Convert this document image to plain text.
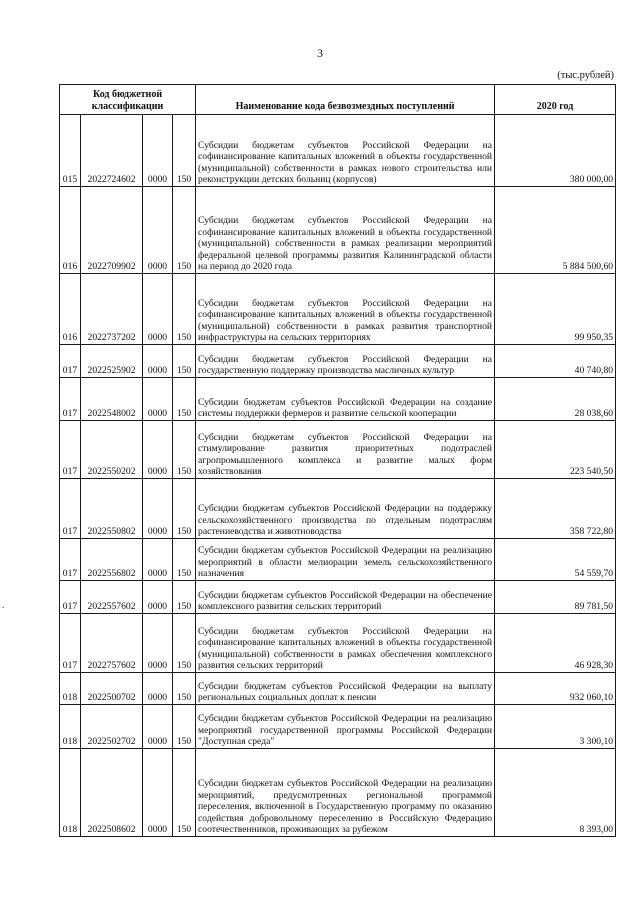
3
(тыс.рублей)
Код бюджетной классификации				Наименование кода безвозмездных поступлений	2020 год
015	2022724602	0000	150	Субсидии бюджетам субъектов Российской Федерации на софинансирование капитальных вложений в объекты государственной (муниципальной) собственности в рамках нового строительства или реконструкции детских больниц (корпусов)	380 000,00
016	2022709902	0000	150	Субсидии бюджетам субъектов Российской Федерации на софинансирование капитальных вложений в объекты государственной (муниципальной) собственности в рамках реализации мероприятий федеральной целевой программы развития Калининградской области на период до 2020 года	5 884 500,60
016	2022737202	0000	150	Субсидии бюджетам субъектов Российской Федерации на софинансирование капитальных вложений в объекты государственной (муниципальной) собственности в рамках развития транспортной инфраструктуры на сельских территориях	99 950,35
017	2022525902	0000	150	Субсидии бюджетам субъектов Российской Федерации на государственную поддержку производства масличных культур	40 740,80
017	2022548002	0000	150	Субсидии бюджетам субъектов Российской Федерации на создание системы поддержки фермеров и развитие сельской кооперации	28 038,60
017	2022550202	0000	150	Субсидии бюджетам субъектов Российской Федерации на стимулирование развития приоритетных подотраслей агропромышленного комплекса и развитие малых форм хозяйствования	223 540,50
017	2022550802	0000	150	Субсидии бюджетам субъектов Российской Федерации на поддержку сельскохозяйственного производства по отдельным подотраслям растениеводства и животноводства	358 722,80
017	2022556802	0000	150	Субсидии бюджетам субъектов Российской Федерации на реализацию мероприятий в области мелиорации земель сельскохозяйственного назначения	54 559,70
017	2022557602	0000	150	Субсидии бюджетам субъектов Российской Федерации на обеспечение комплексного развития сельских территорий	89 781,50
017	2022757602	0000	150	Субсидии бюджетам субъектов Российской Федерации на софинансирование капитальных вложений в объекты государственной (муниципальной) собственности в рамках обеспечения комплексного развития сельских территорий	46 928,30
018	2022500702	0000	150	Субсидии бюджетам субъектов Российской Федерации на выплату региональных социальных доплат к пенсии	932 060,10
018	2022502702	0000	150	Субсидии бюджетам субъектов Российской Федерации на реализацию мероприятий государственной программы Российской Федерации "Доступная среда"	3 300,10
018	2022508602	0000	150	Субсидии бюджетам субъектов Российской Федерации на реализацию мероприятий, предусмотренных региональной программой переселения, включенной в Государственную программу по оказанию содействия добровольному переселению в Российскую Федерацию соотечественников, проживающих за рубежом	8 393,00
.
